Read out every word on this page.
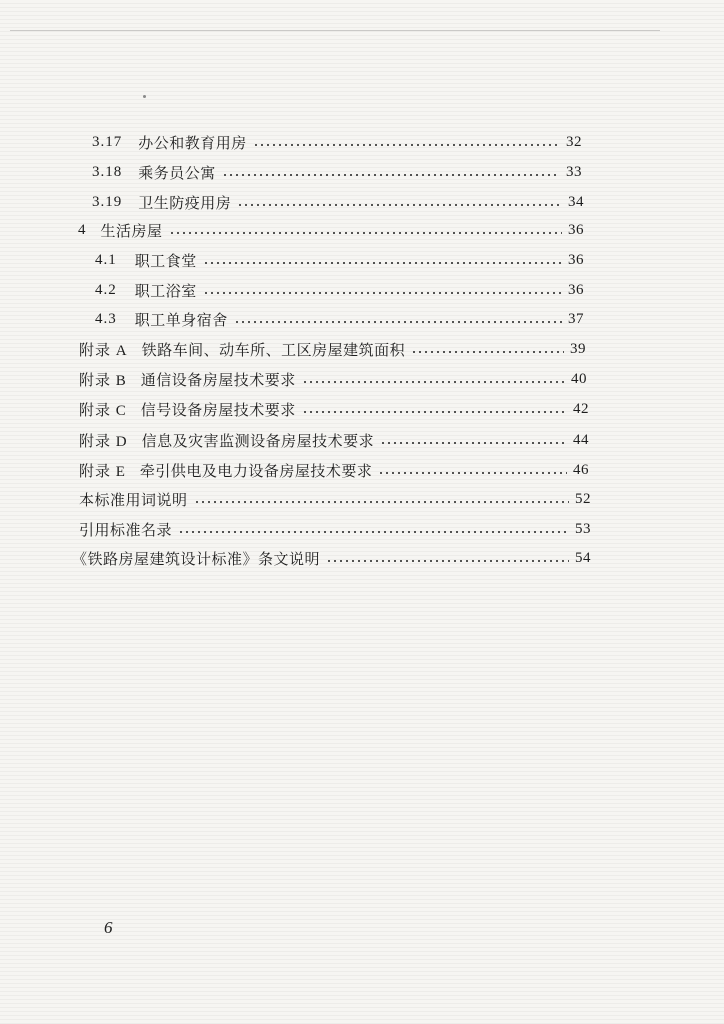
3.17 办公和教育用房	32
3.18 乘务员公寓	33
3.19 卫生防疫用房	34
4 生活房屋	36
4.1 职工食堂	36
4.2 职工浴室	36
4.3 职工单身宿舍	37
附录 A 铁路车间、动车所、工区房屋建筑面积	39
附录 B 通信设备房屋技术要求	40
附录 C 信号设备房屋技术要求	42
附录 D 信息及灾害监测设备房屋技术要求	44
附录 E 牵引供电及电力设备房屋技术要求	46
本标准用词说明	52
引用标准名录	53
《铁路房屋建筑设计标准》条文说明	54
6
